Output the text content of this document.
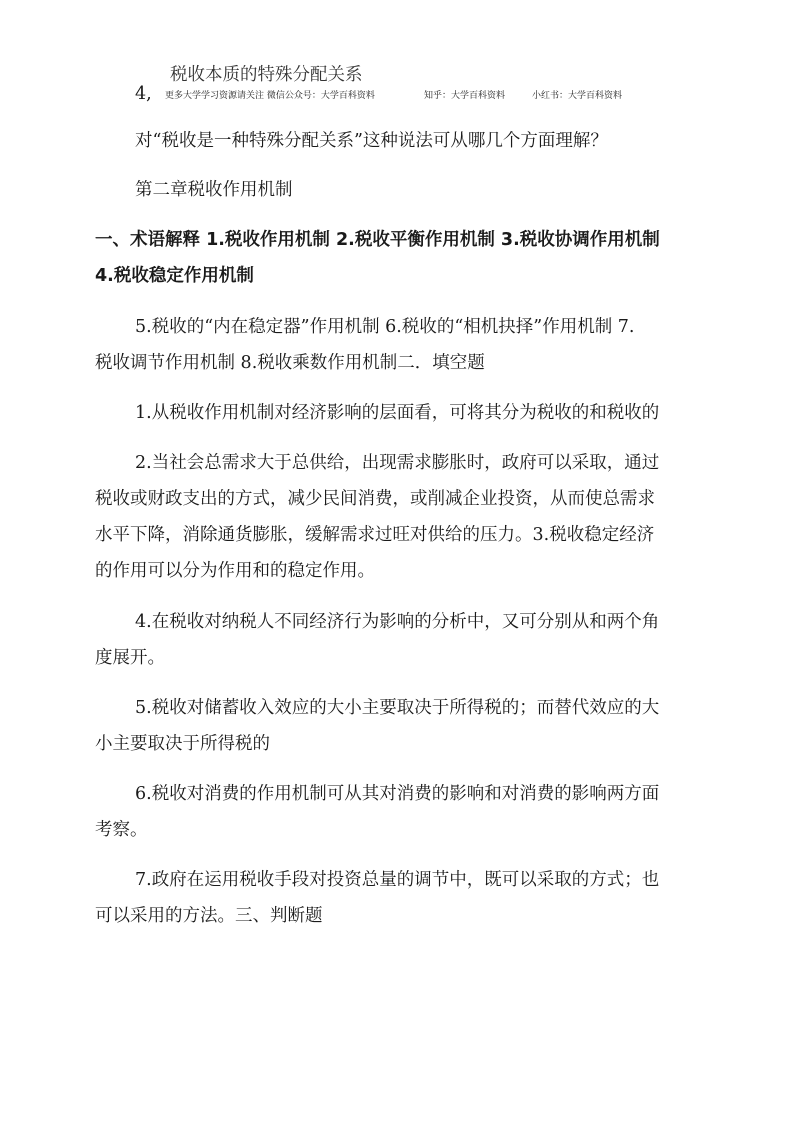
税收本质的特殊分配关系
4, 更多大学学习资源请关注 微信公众号：大学百科资料	知乎：大学百科资料	小红书：大学百科资料
对“税收是一种特殊分配关系”这种说法可从哪几个方面理解？
第二章税收作用机制
一、术语解释 1.税收作用机制 2.税收平衡作用机制 3.税收协调作用机制
4.税收稳定作用机制
5.税收的“内在稳定器”作用机制 6.税收的“相机抉择”作用机制 7.
税收调节作用机制 8.税收乘数作用机制二．填空题
1.从税收作用机制对经济影响的层面看，可将其分为税收的和税收的
2.当社会总需求大于总供给，出现需求膨胀时，政府可以采取，通过
税收或财政支出的方式，减少民间消费，或削减企业投资，从而使总需求
水平下降，消除通货膨胀，缓解需求过旺对供给的压力。3.税收稳定经济
的作用可以分为作用和的稳定作用。
4.在税收对纳税人不同经济行为影响的分析中，又可分别从和两个角
度展开。
5.税收对储蓄收入效应的大小主要取决于所得税的；而替代效应的大
小主要取决于所得税的
6.税收对消费的作用机制可从其对消费的影响和对消费的影响两方面
考察。
7.政府在运用税收手段对投资总量的调节中，既可以采取的方式；也
可以采用的方法。三、判断题
